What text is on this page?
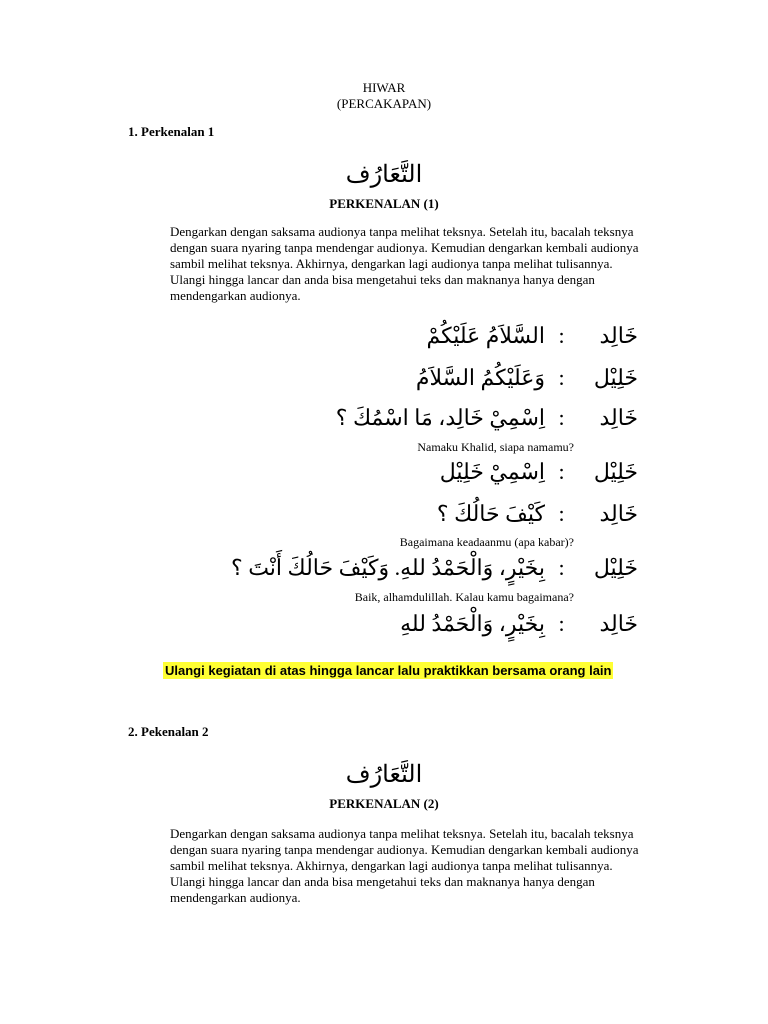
HIWAR
(PERCAKAPAN)
1. Perkenalan 1
التَّعَارُف
PERKENALAN (1)
Dengarkan dengan saksama audionya tanpa melihat teksnya. Setelah itu, bacalah teksnya dengan suara nyaring tanpa mendengar audionya. Kemudian dengarkan kembali audionya sambil melihat teksnya. Akhirnya, dengarkan lagi audionya tanpa melihat tulisannya. Ulangi hingga lancar dan anda bisa mengetahui teks dan maknanya hanya dengan mendengarkan audionya.
السَّلاَمُ عَلَيْكُمْ : خَالِد
وَعَلَيْكُمُ السَّلاَمُ : خَلِيْل
اِسْمِيْ خَالِد، مَا اسْمُكَ ؟ : خَالِد
Namaku Khalid, siapa namamu?
اِسْمِيْ خَلِيْل : خَلِيْل
كَيْفَ حَالُكَ ؟ : خَالِد
Bagaimana keadaanmu (apa kabar)?
بِخَيْرٍ، وَالْحَمْدُ للهِ. وَكَيْفَ حَالُكَ أَنْتَ ؟ : خَلِيْل
Baik, alhamdulillah. Kalau kamu bagaimana?
بِخَيْرٍ، وَالْحَمْدُ للهِ : خَالِد
Ulangi kegiatan di atas hingga lancar lalu praktikkan bersama orang lain
2. Pekenalan 2
التَّعَارُف
PERKENALAN (2)
Dengarkan dengan saksama audionya tanpa melihat teksnya. Setelah itu, bacalah teksnya dengan suara nyaring tanpa mendengar audionya. Kemudian dengarkan kembali audionya sambil melihat teksnya. Akhirnya, dengarkan lagi audionya tanpa melihat tulisannya. Ulangi hingga lancar dan anda bisa mengetahui teks dan maknanya hanya dengan mendengarkan audionya.
